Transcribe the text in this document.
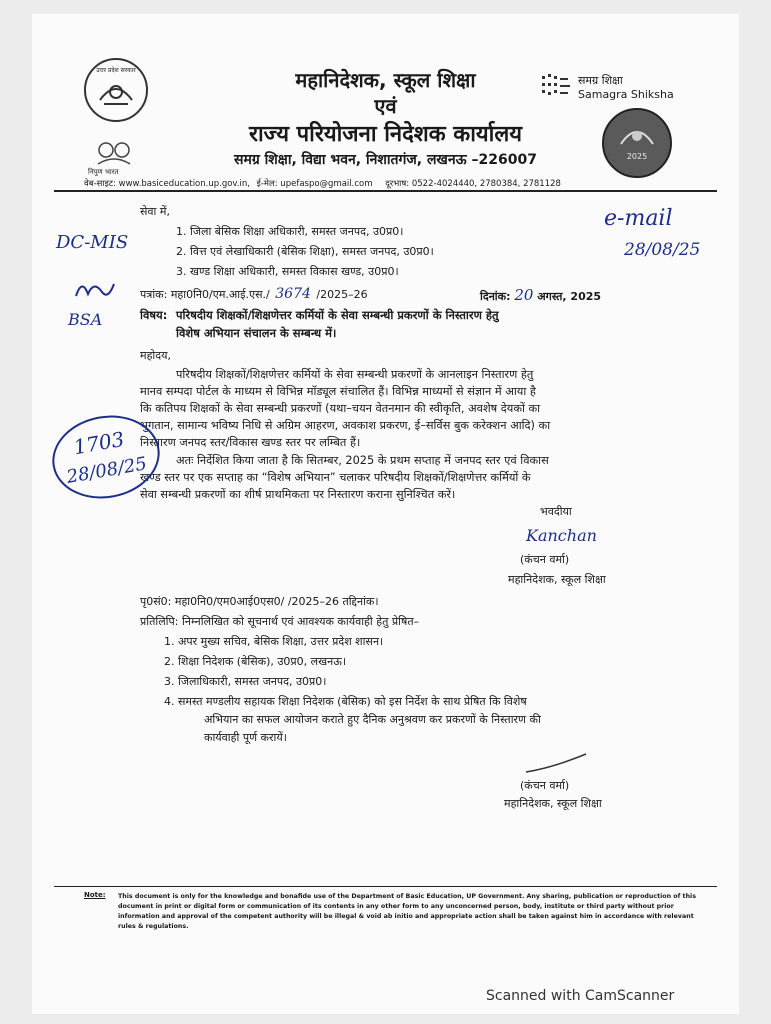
उत्तर प्रदेश सरकार
निपुण भारत
महानिदेशक, स्कूल शिक्षा
एवं
राज्य परियोजना निदेशक कार्यालय
समग्र शिक्षा, विद्या भवन, निशातगंज, लखनऊ –226007
समग्र शिक्षा
Samagra Shiksha
2025
वेब-साइट: www.basiceducation.up.gov.in, ई-मेल: upefaspo@gmail.com दूरभाष: 0522-4024440, 2780384, 2781128
सेवा में,
1. जिला बेसिक शिक्षा अधिकारी, समस्त जनपद, उ0प्र0।
2. वित्त एवं लेखाधिकारी (बेसिक शिक्षा), समस्त जनपद, उ0प्र0।
3. खण्ड शिक्षा अधिकारी, समस्त विकास खण्ड, उ0प्र0।
DC-MIS
e-mail
28/08/25
BSA
पत्रांक: महा0नि0/एम.आई.एस./ 3674 /2025–26	दिनांक: 20 अगस्त, 2025
विषय: परिषदीय शिक्षकों/शिक्षणेत्तर कर्मियों के सेवा सम्बन्धी प्रकरणों के निस्तारण हेतु
विशेष अभियान संचालन के सम्बन्ध में।
महोदय,
परिषदीय शिक्षकों/शिक्षणेत्तर कर्मियों के सेवा सम्बन्धी प्रकरणों के आनलाइन निस्तारण हेतु
मानव सम्पदा पोर्टल के माध्यम से विभिन्न मॉड्यूल संचालित हैं। विभिन्न माध्यमों से संज्ञान में आया है
कि कतिपय शिक्षकों के सेवा सम्बन्धी प्रकरणों (यथा–चयन वेतनमान की स्वीकृति, अवशेष देयकों का
भुगतान, सामान्य भविष्य निधि से अग्रिम आहरण, अवकाश प्रकरण, ई–सर्विस बुक करेक्शन आदि) का
निस्तारण जनपद स्तर/विकास खण्ड स्तर पर लम्बित हैं।
अतः निर्देशित किया जाता है कि सितम्बर, 2025 के प्रथम सप्ताह में जनपद स्तर एवं विकास
खण्ड स्तर पर एक सप्ताह का “विशेष अभियान” चलाकर परिषदीय शिक्षकों/शिक्षणेत्तर कर्मियों के
सेवा सम्बन्धी प्रकरणों का शीर्ष प्राथमिकता पर निस्तारण कराना सुनिश्चित करें।
1703
28/08/25
भवदीया
Kanchan
(कंचन वर्मा)
महानिदेशक, स्कूल शिक्षा
पृ0सं0: महा0नि0/एम0आई0एस0/ /2025–26 तद्दिनांक।
प्रतिलिपि: निम्नलिखित को सूचनार्थ एवं आवश्यक कार्यवाही हेतु प्रेषित–
1. अपर मुख्य सचिव, बेसिक शिक्षा, उत्तर प्रदेश शासन।
2. शिक्षा निदेशक (बेसिक), उ0प्र0, लखनऊ।
3. जिलाधिकारी, समस्त जनपद, उ0प्र0।
4. समस्त मण्डलीय सहायक शिक्षा निदेशक (बेसिक) को इस निर्देश के साथ प्रेषित कि विशेष
अभियान का सफल आयोजन कराते हुए दैनिक अनुश्रवण कर प्रकरणों के निस्तारण की
कार्यवाही पूर्ण करायें।
(कंचन वर्मा)
महानिदेशक, स्कूल शिक्षा
Note: This document is only for the knowledge and bonafide use of the Department of Basic Education, UP Government. Any sharing, publication or reproduction of this document in print or digital form or communication of its contents in any other form to any unconcerned person, body, institute or third party without prior information and approval of the competent authority will be illegal & void ab initio and appropriate action shall be taken against him in accordance with relevant rules & regulations.
Scanned with CamScanner
